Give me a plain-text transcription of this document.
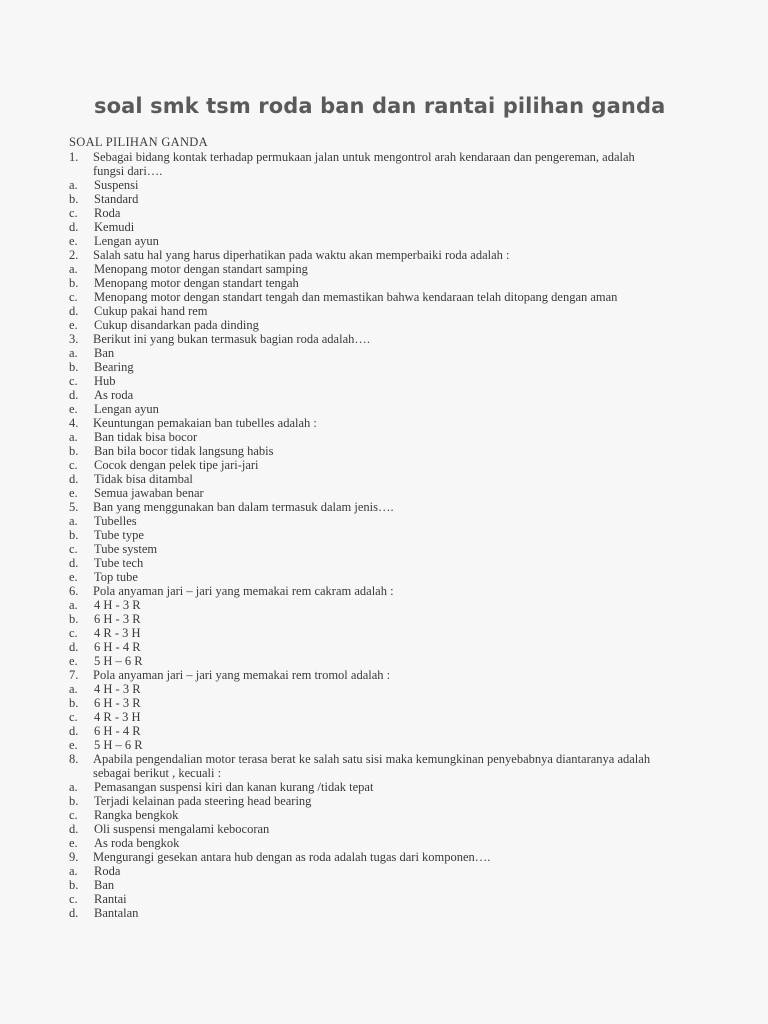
soal smk tsm roda ban dan rantai pilihan ganda
SOAL PILIHAN GANDA
1.	Sebagai bidang kontak terhadap permukaan jalan untuk mengontrol arah kendaraan dan pengereman, adalah
fungsi dari….
a.	Suspensi
b.	Standard
c.	Roda
d.	Kemudi
e.	Lengan ayun
2.	Salah satu hal yang harus diperhatikan pada waktu akan memperbaiki roda adalah :
a.	Menopang motor dengan standart samping
b.	Menopang motor dengan standart tengah
c.	Menopang motor dengan standart tengah dan memastikan bahwa kendaraan telah ditopang dengan aman
d.	Cukup pakai hand rem
e.	Cukup disandarkan pada dinding
3.	Berikut ini yang bukan termasuk bagian roda adalah….
a.	Ban
b.	Bearing
c.	Hub
d.	As roda
e.	Lengan ayun
4.	Keuntungan pemakaian ban tubelles adalah :
a.	Ban tidak bisa bocor
b.	Ban bila bocor tidak langsung habis
c.	Cocok dengan pelek tipe jari-jari
d.	Tidak bisa ditambal
e.	Semua jawaban benar
5.	Ban yang menggunakan ban dalam termasuk dalam jenis….
a.	Tubelles
b.	Tube type
c.	Tube system
d.	Tube tech
e.	Top tube
6.	Pola anyaman jari – jari yang memakai rem cakram adalah :
a.	4 H - 3 R
b.	6 H - 3 R
c.	4 R - 3 H
d.	6 H - 4 R
e.	5 H – 6 R
7.	Pola anyaman jari – jari yang memakai rem tromol adalah :
a.	4 H - 3 R
b.	6 H - 3 R
c.	4 R - 3 H
d.	6 H - 4 R
e.	5 H – 6 R
8.	Apabila pengendalian motor terasa berat ke salah satu sisi maka kemungkinan penyebabnya diantaranya adalah
sebagai berikut , kecuali :
a.	Pemasangan suspensi kiri dan kanan kurang /tidak tepat
b.	Terjadi kelainan pada steering head bearing
c.	Rangka bengkok
d.	Oli suspensi mengalami kebocoran
e.	As roda bengkok
9.	Mengurangi gesekan antara hub dengan as roda adalah tugas dari komponen….
a.	Roda
b.	Ban
c.	Rantai
d.	Bantalan
